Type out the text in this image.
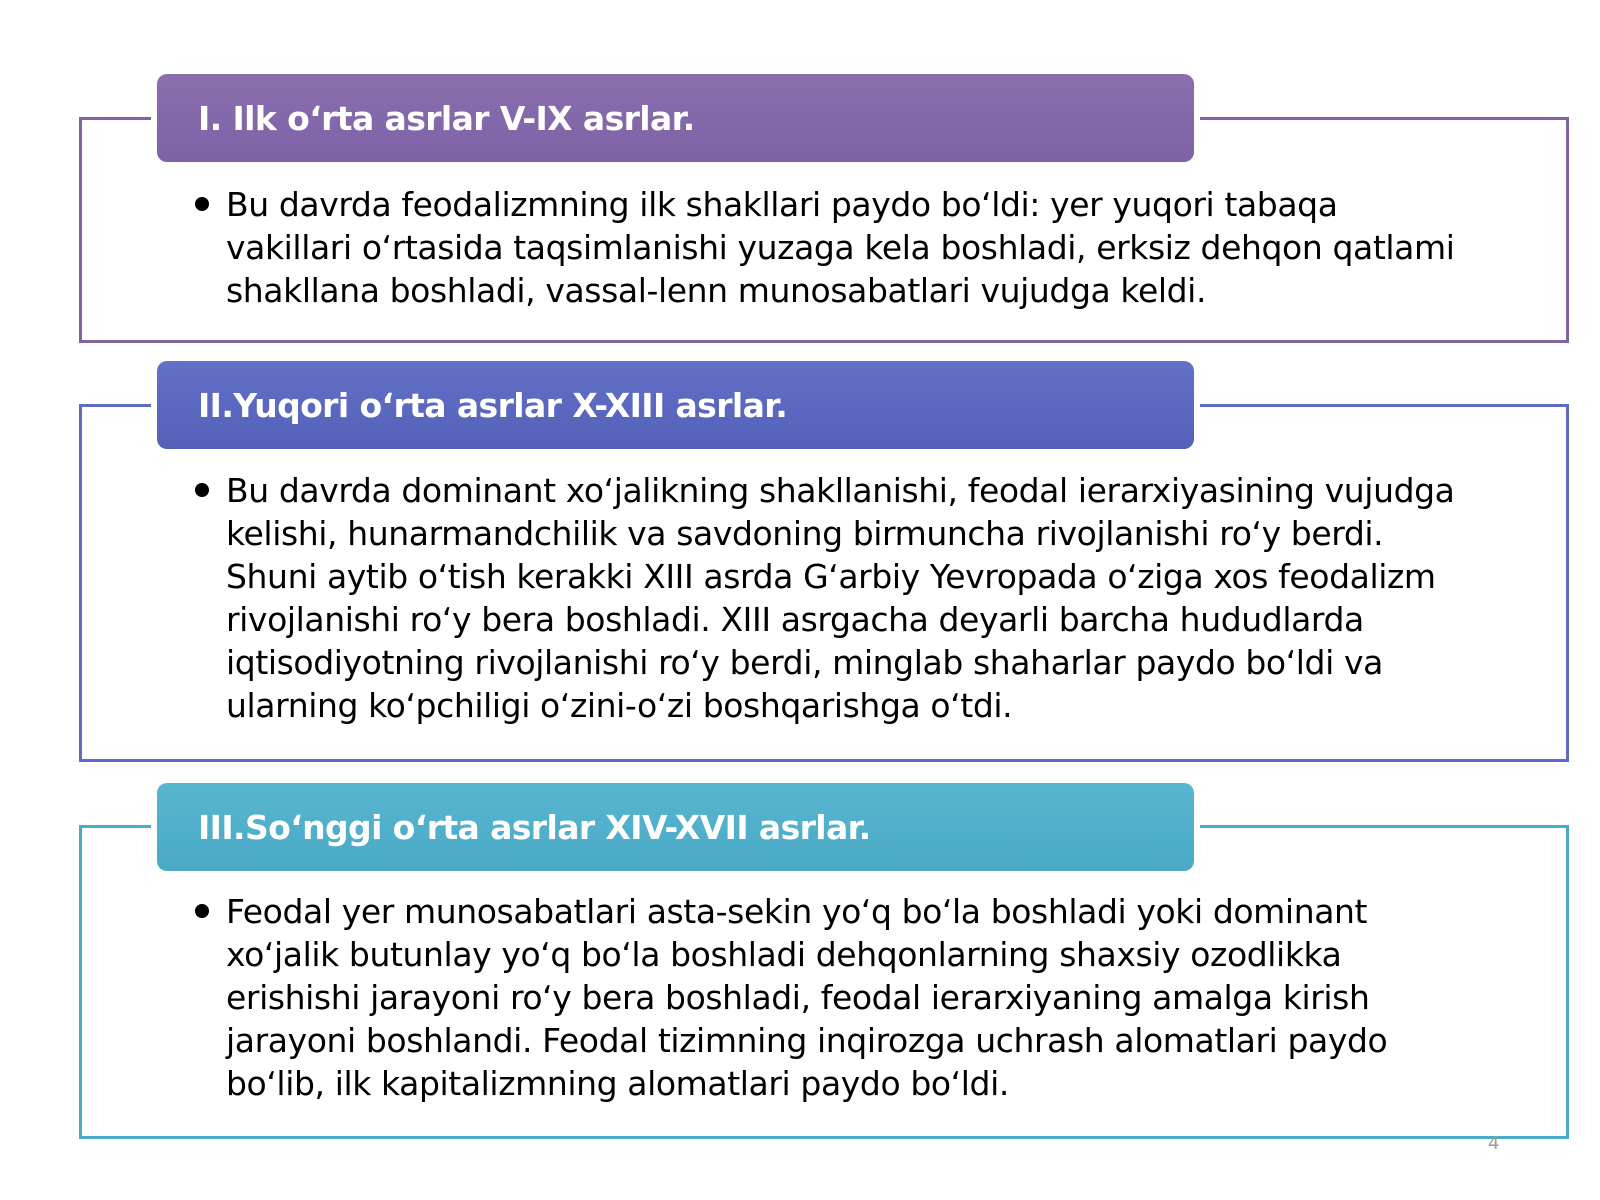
I. Ilk o‘rta asrlar V-IX asrlar.
Bu davrda feodalizmning ilk shakllari paydo bo‘ldi: yer yuqori tabaqa
vakillari o‘rtasida taqsimlanishi yuzaga kela boshladi, erksiz dehqon qatlami
shakllana boshladi, vassal-lenn munosabatlari vujudga keldi.
II.Yuqori o‘rta asrlar X-XIII asrlar.
Bu davrda dominant xo‘jalikning shakllanishi, feodal ierarxiyasining vujudga
kelishi, hunarmandchilik va savdoning birmuncha rivojlanishi ro‘y berdi.
Shuni aytib o‘tish kerakki XIII asrda G‘arbiy Yevropada o‘ziga xos feodalizm
rivojlanishi ro‘y bera boshladi. XIII asrgacha deyarli barcha hududlarda
iqtisodiyotning rivojlanishi ro‘y berdi, minglab shaharlar paydo bo‘ldi va
ularning ko‘pchiligi o‘zini-o‘zi boshqarishga o‘tdi.
III.So‘nggi o‘rta asrlar XIV-XVII asrlar.
Feodal yer munosabatlari asta-sekin yo‘q bo‘la boshladi yoki dominant
xo‘jalik butunlay yo‘q bo‘la boshladi dehqonlarning shaxsiy ozodlikka
erishishi jarayoni ro‘y bera boshladi, feodal ierarxiyaning amalga kirish
jarayoni boshlandi. Feodal tizimning inqirozga uchrash alomatlari paydo
bo‘lib, ilk kapitalizmning alomatlari paydo bo‘ldi.
4
